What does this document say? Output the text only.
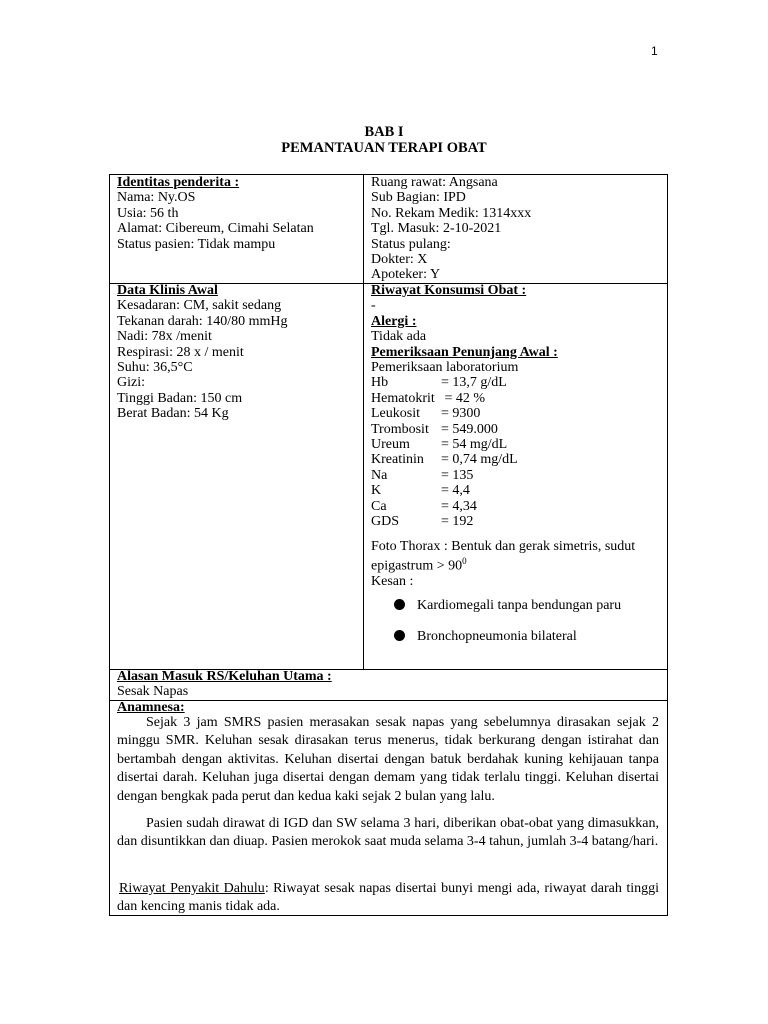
1
BAB I
PEMANTAUAN TERAPI OBAT
Identitas penderita :
Nama: Ny.OS
Usia: 56 th
Alamat: Cibereum, Cimahi Selatan
Status pasien: Tidak mampu
Ruang rawat: Angsana
Sub Bagian: IPD
No. Rekam Medik: 1314xxx
Tgl. Masuk: 2-10-2021
Status pulang:
Dokter: X
Apoteker: Y
Data Klinis Awal
Kesadaran: CM, sakit sedang
Tekanan darah: 140/80 mmHg
Nadi: 78x /menit
Respirasi: 28 x / menit
Suhu: 36,5°C
Gizi:
Tinggi Badan: 150 cm
Berat Badan: 54 Kg
Riwayat Konsumsi Obat :
-
Alergi :
Tidak ada
Pemeriksaan Penunjang Awal :
Pemeriksaan laboratorium
Hb	= 13,7 g/dL
Hematokrit = 42 %
Leukosit = 9300
Trombosit = 549.000
Ureum = 54 mg/dL
Kreatinin = 0,74 mg/dL
Na	= 135
K	= 4,4
Ca	= 4,34
GDS	= 192
Foto Thorax : Bentuk dan gerak simetris, sudut
epigastrum > $90^0$
Kesan :
Kardiomegali tanpa bendungan paru
Bronchopneumonia bilateral
Alasan Masuk RS/Keluhan Utama :
Sesak Napas
Anamnesa:
Sejak 3 jam SMRS pasien merasakan sesak napas yang sebelumnya dirasakan sejak 2 minggu SMR. Keluhan sesak dirasakan terus menerus, tidak berkurang dengan istirahat dan bertambah dengan aktivitas. Keluhan disertai dengan batuk berdahak kuning kehijauan tanpa disertai darah. Keluhan juga disertai dengan demam yang tidak terlalu tinggi. Keluhan disertai dengan bengkak pada perut dan kedua kaki sejak 2 bulan yang lalu.
Pasien sudah dirawat di IGD dan SW selama 3 hari, diberikan obat-obat yang dimasukkan, dan disuntikkan dan diuap. Pasien merokok saat muda selama 3-4 tahun, jumlah 3-4 batang/hari.
Riwayat Penyakit Dahulu: Riwayat sesak napas disertai bunyi mengi ada, riwayat darah tinggi dan kencing manis tidak ada.
